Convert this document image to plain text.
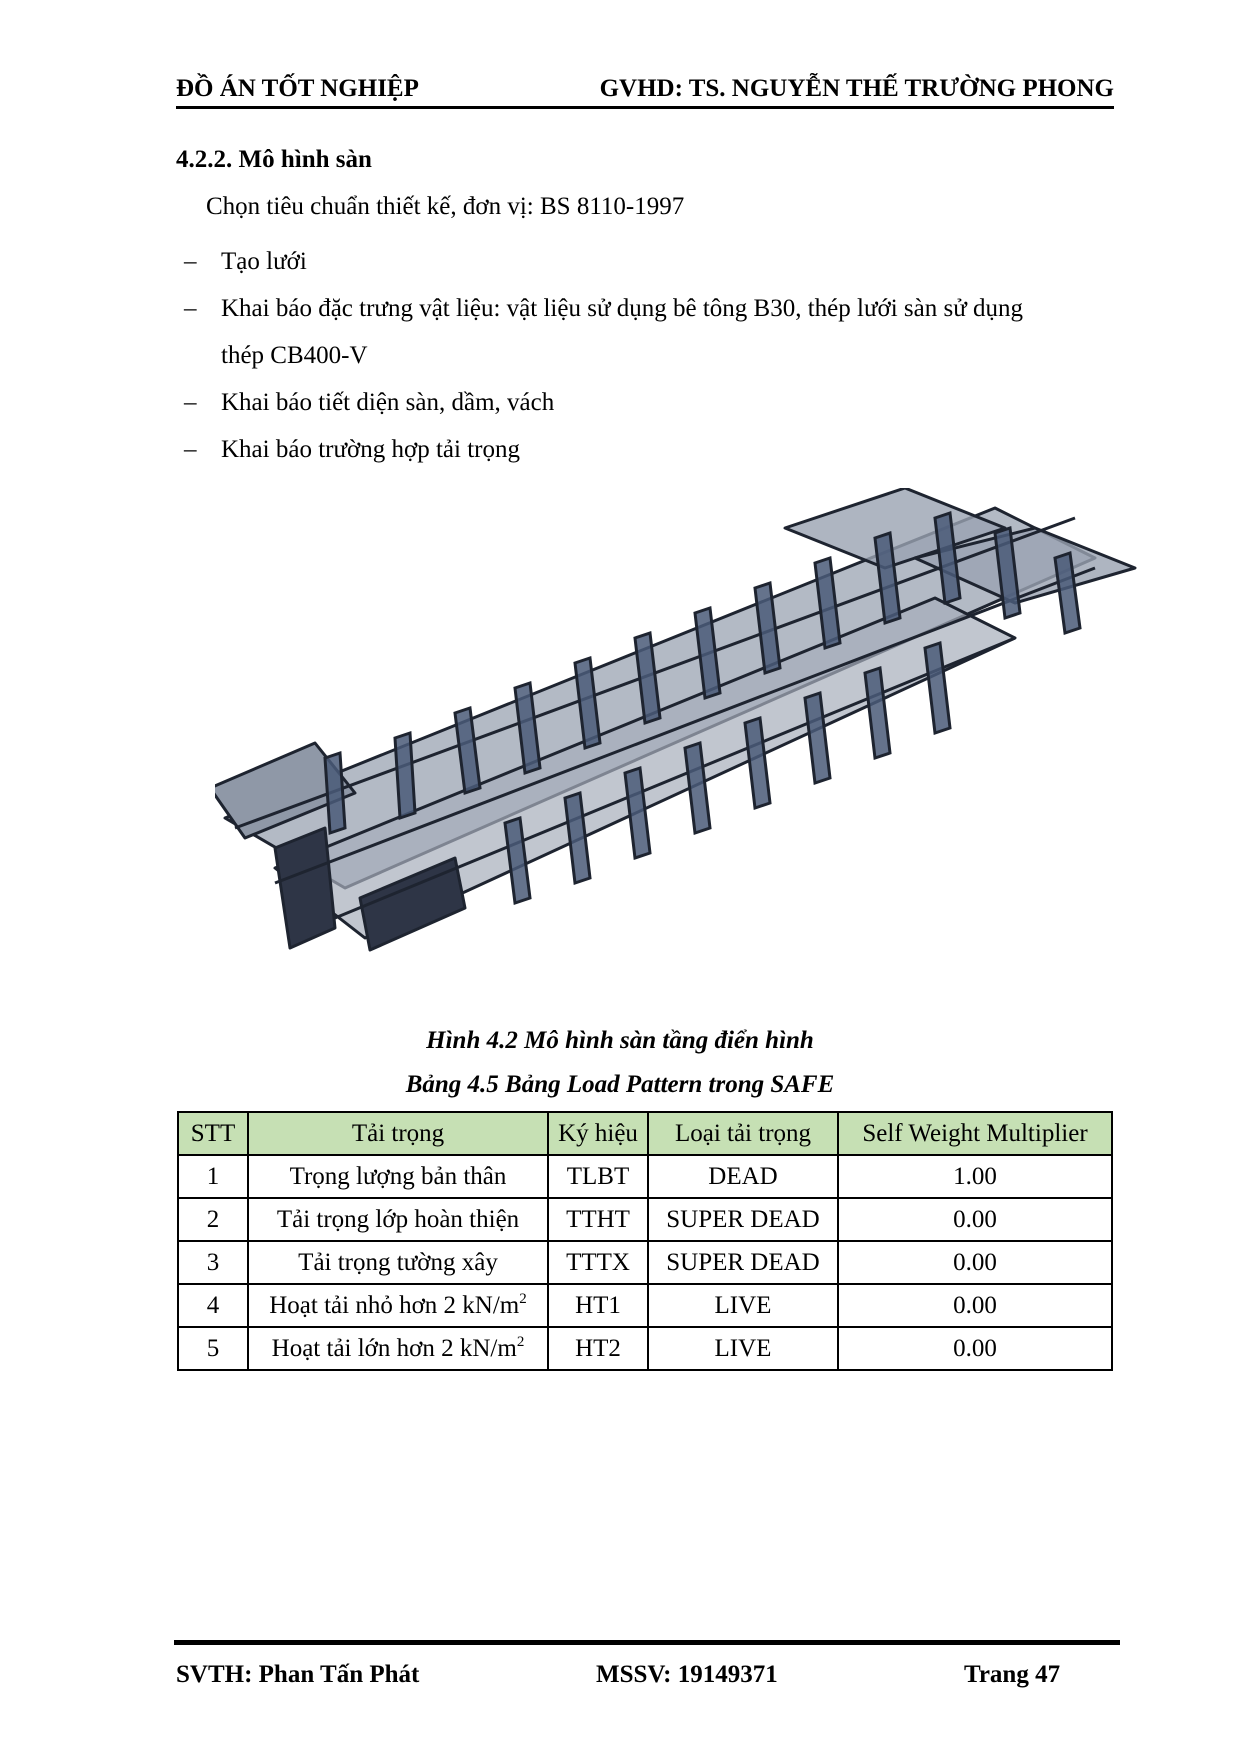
ĐỒ ÁN TỐT NGHIỆP	GVHD: TS. NGUYỄN THẾ TRƯỜNG PHONG
4.2.2. Mô hình sàn
Chọn tiêu chuẩn thiết kế, đơn vị: BS 8110-1997
– Tạo lưới
– Khai báo đặc trưng vật liệu: vật liệu sử dụng bê tông B30, thép lưới sàn sử dụng
thép CB400-V
– Khai báo tiết diện sàn, dầm, vách
– Khai báo trường hợp tải trọng
Hình 4.2 Mô hình sàn tầng điển hình
Bảng 4.5 Bảng Load Pattern trong SAFE
STT	Tải trọng	Ký hiệu	Loại tải trọng	Self Weight Multiplier
1	Trọng lượng bản thân	TLBT	DEAD	1.00
2	Tải trọng lớp hoàn thiện	TTHT	SUPER DEAD	0.00
3	Tải trọng tường xây	TTTX	SUPER DEAD	0.00
4	Hoạt tải nhỏ hơn 2 $kN/m^2$	HT1	LIVE	0.00
5	Hoạt tải lớn hơn 2 $kN/m^2$	HT2	LIVE	0.00
SVTH: Phan Tấn Phát	MSSV: 19149371	Trang 47
